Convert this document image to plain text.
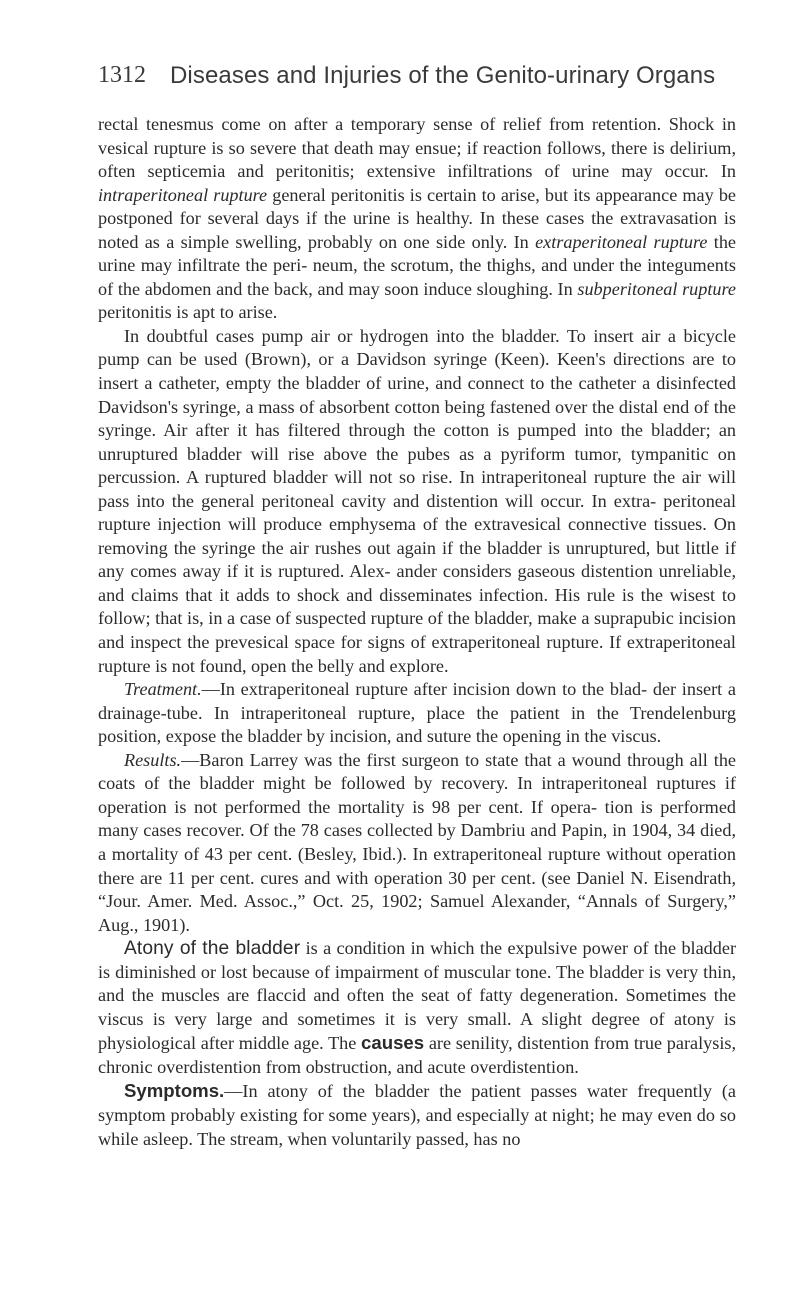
1312 Diseases and Injuries of the Genito-urinary Organs

rectal tenesmus come on after a temporary sense of relief from retention. Shock in vesical rupture is so severe that death may ensue; if reaction follows, there is delirium, often septicemia and peritonitis; extensive infiltrations of urine may occur. In intraperitoneal rupture general peritonitis is certain to arise, but its appearance may be postponed for several days if the urine is healthy. In these cases the extravasation is noted as a simple swelling, probably on one side only. In extraperitoneal rupture the urine may infiltrate the peri- neum, the scrotum, the thighs, and under the integuments of the abdomen and the back, and may soon induce sloughing. In subperitoneal rupture peritonitis is apt to arise.

In doubtful cases pump air or hydrogen into the bladder. To insert air a bicycle pump can be used (Brown), or a Davidson syringe (Keen). Keen's directions are to insert a catheter, empty the bladder of urine, and connect to the catheter a disinfected Davidson's syringe, a mass of absorbent cotton being fastened over the distal end of the syringe. Air after it has filtered through the cotton is pumped into the bladder; an unruptured bladder will rise above the pubes as a pyriform tumor, tympanitic on percussion. A ruptured bladder will not so rise. In intraperitoneal rupture the air will pass into the general peritoneal cavity and distention will occur. In extra- peritoneal rupture injection will produce emphysema of the extravesical connective tissues. On removing the syringe the air rushes out again if the bladder is unruptured, but little if any comes away if it is ruptured. Alex- ander considers gaseous distention unreliable, and claims that it adds to shock and disseminates infection. His rule is the wisest to follow; that is, in a case of suspected rupture of the bladder, make a suprapubic incision and inspect the prevesical space for signs of extraperitoneal rupture. If extraperitoneal rupture is not found, open the belly and explore.

Treatment.—In extraperitoneal rupture after incision down to the blad- der insert a drainage-tube. In intraperitoneal rupture, place the patient in the Trendelenburg position, expose the bladder by incision, and suture the opening in the viscus.

Results.—Baron Larrey was the first surgeon to state that a wound through all the coats of the bladder might be followed by recovery. In intraperitoneal ruptures if operation is not performed the mortality is 98 per cent. If opera- tion is performed many cases recover. Of the 78 cases collected by Dambriu and Papin, in 1904, 34 died, a mortality of 43 per cent. (Besley, Ibid.). In extraperitoneal rupture without operation there are 11 per cent. cures and with operation 30 per cent. (see Daniel N. Eisendrath, “Jour. Amer. Med. Assoc.,” Oct. 25, 1902; Samuel Alexander, “Annals of Surgery,” Aug., 1901).

Atony of the bladder is a condition in which the expulsive power of the bladder is diminished or lost because of impairment of muscular tone. The bladder is very thin, and the muscles are flaccid and often the seat of fatty degeneration. Sometimes the viscus is very large and sometimes it is very small. A slight degree of atony is physiological after middle age. The causes are senility, distention from true paralysis, chronic overdistention from obstruction, and acute overdistention.

Symptoms.—In atony of the bladder the patient passes water frequently (a symptom probably existing for some years), and especially at night; he may even do so while asleep. The stream, when voluntarily passed, has no
